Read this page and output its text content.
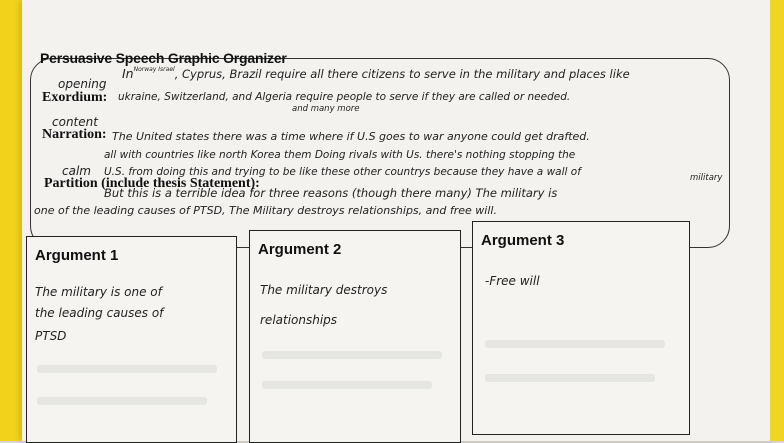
Persuasive Speech Graphic Organizer
opening
Exordium:
$In^{Norway Israel}$, Cyprus, Brazil require all there citizens to serve in the military and places like
ukraine, Switzerland, and Algeria require people to serve if they are called or needed.
and many more
content
Narration: The United states there was a time where if U.S goes to war anyone could get drafted.
all with countries like north Korea them Doing rivals with Us. there's nothing stopping the
calm U.S. from doing this and trying to be like these other countrys because they have a wall of	military
Partition (include thesis Statement):
But this is a terrible idea for three reasons (though there many) The military is
one of the leading causes of PTSD, The Military destroys relationships, and free will.
Argument 1
The military is one of
the leading causes of
PTSD
Argument 2
The military destroys
relationships
Argument 3
-Free will
